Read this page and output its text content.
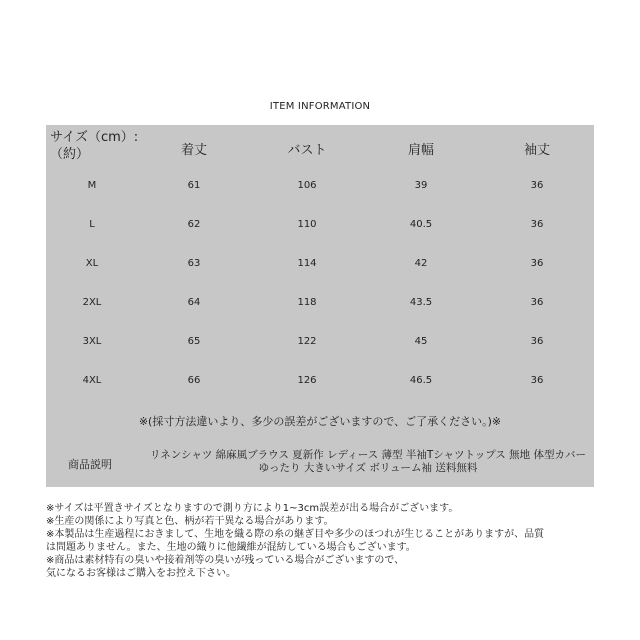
ITEM INFORMATION
サイズ（cm）:
（約）	着丈	バスト	肩幅	袖丈
M	61	106	39	36
L	62	110	40.5	36
XL	63	114	42	36
2XL	64	118	43.5	36
3XL	65	122	45	36
4XL	66	126	46.5	36
※(採寸方法違いより、多少の誤差がございますので、ご了承ください。)※
商品説明
リネンシャツ 綿麻風ブラウス 夏新作 レディース 薄型 半袖Tシャツトップス 無地 体型カバー ゆったり 大きいサイズ ボリューム袖 送料無料
※サイズは平置きサイズとなりますので測り方により1~3cm誤差が出る場合がございます。
※生産の関係により写真と色、柄が若干異なる場合があります。
※本製品は生産過程におきまして、生地を織る際の糸の継ぎ目や多少のほつれが生じることがありますが、品質
は問題ありません。また、生地の織りに他繊維が混紡している場合もございます。
※商品は素材特有の臭いや接着剤等の臭いが残っている場合がございますので、
気になるお客様はご購入をお控え下さい。
